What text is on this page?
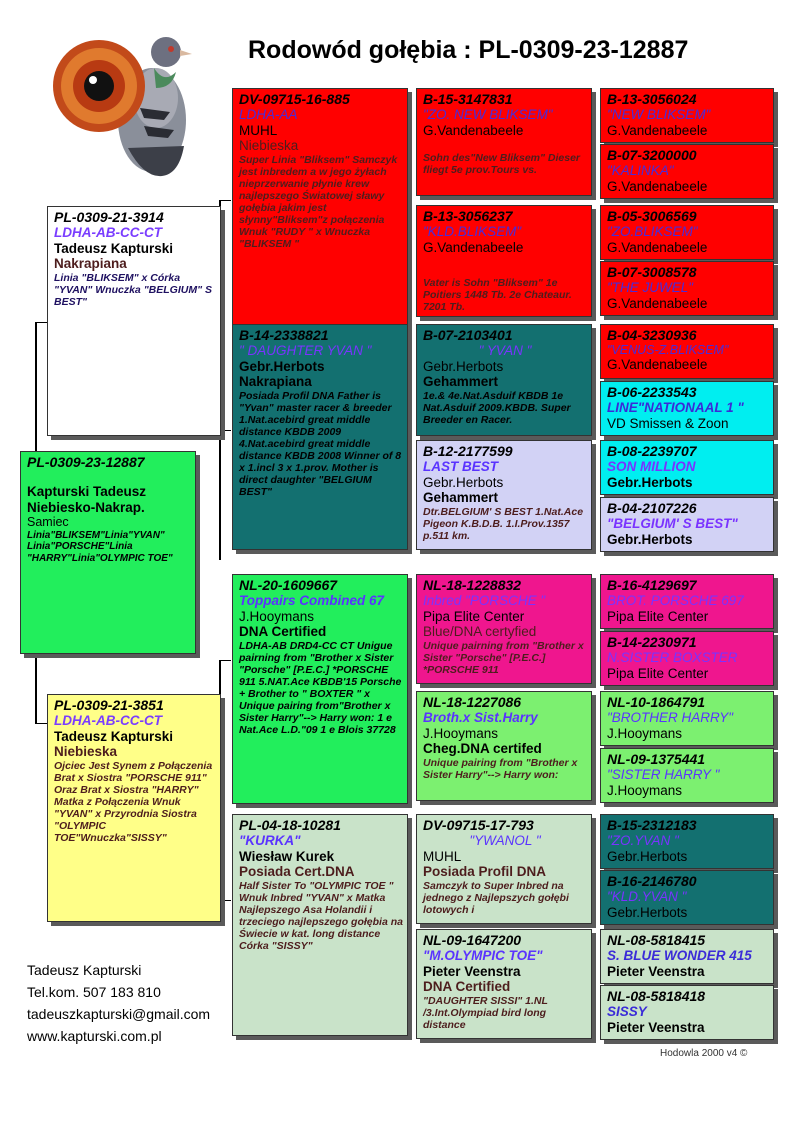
Rodowód gołębia : PL-0309-23-12887
PL-0309-23-12887
Kapturski Tadeusz
Niebiesko-Nakrap.
Samiec
Linia"BLIKSEM"Linia"YVAN" Linia"PORSCHE"Linia "HARRY"Linia"OLYMPIC TOE"
PL-0309-21-3914
LDHA-AB-CC-CT
Tadeusz Kapturski
Nakrapiana
Linia "BLIKSEM" x Córka "YVAN" Wnuczka "BELGIUM" S BEST"
PL-0309-21-3851
LDHA-AB-CC-CT
Tadeusz Kapturski
Niebieska
Ojciec Jest Synem z Połączenia Brat x Siostra "PORSCHE 911" Oraz Brat x Siostra "HARRY" Matka z Połączenia Wnuk "YVAN" x Przyrodnia Siostra "OLYMPIC TOE"Wnuczka"SISSY"
DV-09715-16-885
LDHA-AA
MUHL
Niebieska
Super Linia "Bliksem" Samczyk jest inbredem a w jego żyłach nieprzerwanie płynie krew najlepszego Światowej sławy gołębia jakim jest słynny"Bliksem"z połączenia Wnuk "RUDY " x Wnuczka "BLIKSEM "
B-14-2338821
" DAUGHTER YVAN "
Gebr.Herbots
Nakrapiana
Posiada Profil DNA Father is "Yvan" master racer & breeder 1.Nat.acebird great middle distance KBDB 2009 4.Nat.acebird great middle distance KBDB 2008 Winner of 8 x 1.incl 3 x 1.prov. Mother is direct daughter "BELGIUM BEST"
NL-20-1609667
Toppairs Combined 67
J.Hooymans
DNA Certified
LDHA-AB DRD4-CC CT Unigue pairning from "Brother x Sister "Porsche" [P.E.C.] *PORSCHE 911 5.NAT.Ace KBDB'15 Porsche + Brother to " BOXTER " x Unique pairing from"Brother x Sister Harry"--> Harry won: 1 e Nat.Ace L.D."09 1 e Blois 37728
PL-04-18-10281
"KURKA"
Wiesław Kurek
Posiada Cert.DNA
Half Sister To "OLYMPIC TOE " Wnuk Inbred "YVAN" x Matka Najlepszego Asa Holandii i trzeciego najlepszego gołębia na Świecie w kat. long distance Córka "SISSY"
B-15-3147831
"ZO. NEW BLIKSEM"
G.Vandenabeele
Sohn des"New Bliksem" Dieser fliegt 5e prov.Tours vs.
B-13-3056237
"KLD.BLIKSEM"
G.Vandenabeele
Vater is Sohn "Bliksem" 1e Poitiers 1448 Tb. 2e Chateaur. 7201 Tb.
B-07-2103401
" YVAN "
Gebr.Herbots
Gehammert
1e.& 4e.Nat.Asduif KBDB 1e Nat.Asduif 2009.KBDB. Super Breeder en Racer.
B-12-2177599
LAST BEST
Gebr.Herbots
Gehammert
Dtr.BELGIUM' S BEST 1.Nat.Ace Pigeon K.B.D.B. 1.I.Prov.1357 p.511 km.
NL-18-1228832
Inbred "PORSCHE "
Pipa Elite Center
Blue/DNA certyfied
Unique pairning from "Brother x Sister "Porsche" [P.E.C.] *PORSCHE 911
NL-18-1227086
Broth.x Sist.Harry
J.Hooymans
Cheg.DNA certifed
Unique pairing from "Brother x Sister Harry"--> Harry won:
DV-09715-17-793
"YWANOL "
MUHL
Posiada Profil DNA
Samczyk to Super Inbred na jednego z Najlepszych gołębi lotowych i
NL-09-1647200
"M.OLYMPIC TOE"
Pieter Veenstra
DNA Certified
"DAUGHTER SISSI" 1.NL /3.Int.Olympiad bird long distance
B-13-3056024
"NEW BLIKSEM"
G.Vandenabeele
B-07-3200000
"KALINKA"
G.Vandenabeele
B-05-3006569
"ZO.BLIKSEM"
G.Vandenabeele
B-07-3008578
"THE JUWEL"
G.Vandenabeele
B-04-3230936
"VENUS-Z.BLIKSEM"
G.Vandenabeele
B-06-2233543
LINE"NATIONAAL 1 "
VD Smissen & Zoon
B-08-2239707
SON MILLION
Gebr.Herbots
B-04-2107226
"BELGIUM' S BEST"
Gebr.Herbots
B-16-4129697
BROT. PORSCHE 697
Pipa Elite Center
B-14-2230971
N.SISTER BOXSTER
Pipa Elite Center
NL-10-1864791
"BROTHER HARRY"
J.Hooymans
NL-09-1375441
"SISTER HARRY "
J.Hooymans
B-15-2312183
"ZO.YVAN "
Gebr.Herbots
B-16-2146780
"KLD.YVAN "
Gebr.Herbots
NL-08-5818415
S. BLUE WONDER 415
Pieter Veenstra
NL-08-5818418
SISSY
Pieter Veenstra
Tadeusz Kapturski
Tel.kom. 507 183 810
tadeuszkapturski@gmail.com
www.kapturski.com.pl
Hodowla 2000 v4 ©
